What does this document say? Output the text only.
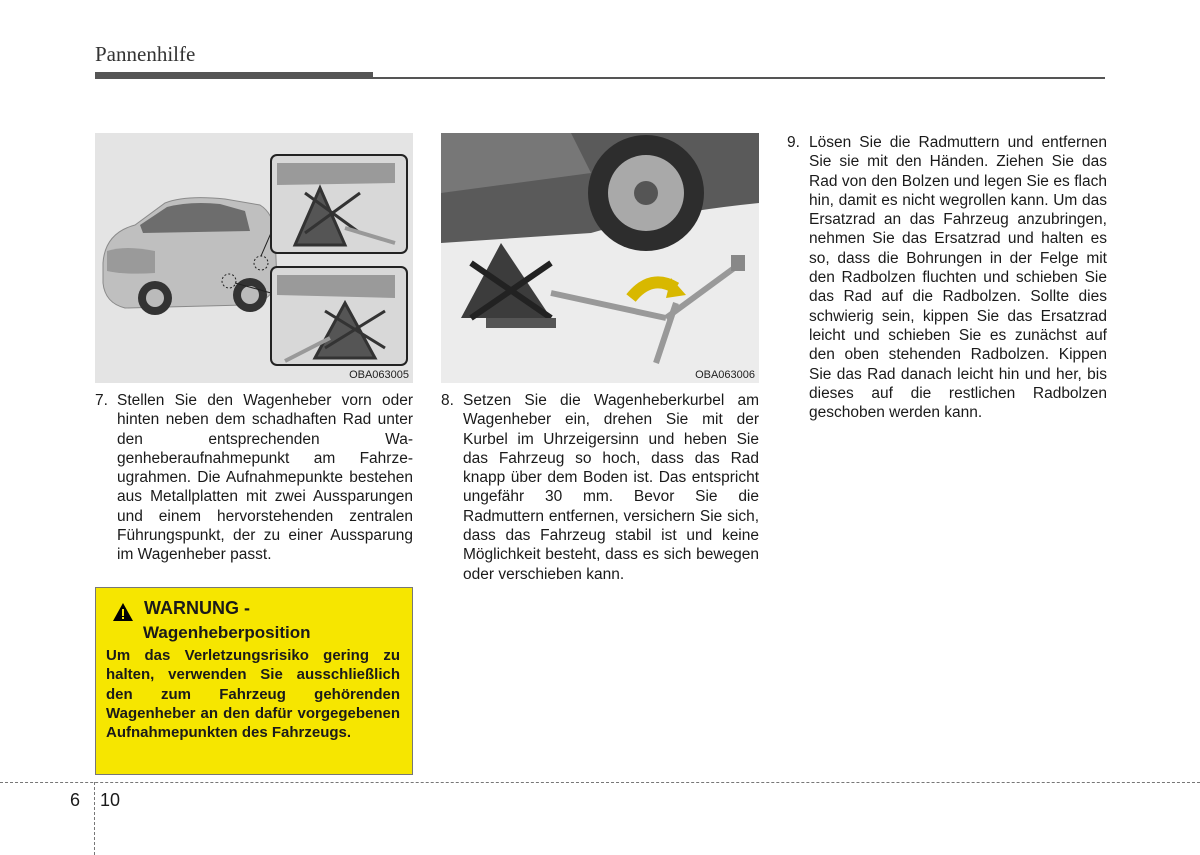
Pannenhilfe
OBA063005	OBA063006
7. Stellen Sie den Wagenheber vorn oder hinten neben dem schadhaften Rad unter den entsprechenden Wagenheberaufnahmepunkt am Fahrzeugrahmen. Die Aufnahmepunkte bestehen aus Metallplatten mit zwei Aussparungen und einem hervorstehenden zentralen Führungspunkt, der zu einer Aussparung im Wagenheber passt.
8. Setzen Sie die Wagenheberkurbel am Wagenheber ein, drehen Sie mit der Kurbel im Uhrzeigersinn und heben Sie das Fahrzeug so hoch, dass das Rad knapp über dem Boden ist. Das entspricht ungefähr 30 mm. Bevor Sie die Radmuttern entfernen, versichern Sie sich, dass das Fahrzeug stabil ist und keine Möglichkeit besteht, dass es sich bewegen oder verschieben kann.
9. Lösen Sie die Radmuttern und entfernen Sie sie mit den Händen. Ziehen Sie das Rad von den Bolzen und legen Sie es flach hin, damit es nicht wegrollen kann. Um das Ersatzrad an das Fahrzeug anzubringen, nehmen Sie das Ersatzrad und halten es so, dass die Bohrungen in der Felge mit den Radbolzen fluchten und schieben Sie das Rad auf die Radbolzen. Sollte dies schwierig sein, kippen Sie das Ersatzrad leicht und schieben Sie es zunächst auf den oben stehenden Radbolzen. Kippen Sie das Rad danach leicht hin und her, bis dieses auf die restlichen Radbolzen geschoben werden kann.
WARNUNG -
Wagenheberposition
Um das Verletzungsrisiko gering zu halten, verwenden Sie ausschließlich den zum Fahrzeug gehörenden Wagenheber an den dafür vorgegebenen Aufnahmepunkten des Fahrzeugs.
6 10
